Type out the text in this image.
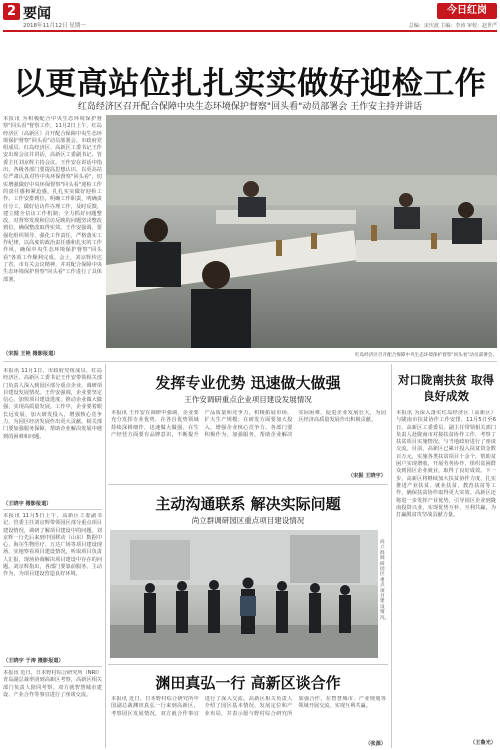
2 要闻
2018年11月12日 星期一
今日红岗
总编：宋庆波 主编：李涛 审校：赵世严
以更高站位扎扎实实做好迎检工作
红岛经济区召开配合保障中央生态环境保护督察"回头看"动员部署会 王作安主持并讲话
本报讯 为积极配合中央生态环境保护督察"回头看"督察工作，11月2日上午，红岛经济区（高新区）召开配合保障中央生态环境保护督察"回头看"动员部署会。市政府党组成员、红岛经济区、高新区工委书记王作安出席会议并讲话，高新区工委副书记、管委主任刘京辉主持会议。王作安在讲话中指出，各级各部门要提高思想认识，以更高站位严肃认真对待中央环保督察"回头看"，切实增强做好中央环保督察"回头看"迎检工作的责任感和紧迫感。扎扎实实做好迎检工作。工作安排到位，明确工作职责，明确责任分工，做好信访件办理工作，及时反馈，建立健全信访工作机制；全力抓好问题整改，对督察发现和信访反映的问题坚决整改到位，确保整改取得实效。王作安强调，要强化组织领导，强化工作责任，严格落实工作纪律，以高度的政治责任感和扎实的工作作风，确保中央生态环境保护督察"回头看"各项工作顺利完成。会上，刘京辉传达了省、市有关会议精神，并对配合保障中央生态环境保护督察"回头看"工作进行了具体部署。
（宋振 王艳 摄影报道）	红岛经济区召开配合保障中央生态环境保护督察"回头看"动员部署会。
本报讯 11月1日，市政府党组成员、红岛经济区、高新区工委书记王作安带领相关部门负责人深入到园区部分重点企业，调研项目建设发展情况。王作安强调，企业要坚定信心，加快项目建设进度，推动企业做大做强，实现高质量发展。工作中，企业要着眼长远发展，加大研发投入，增强核心竞争力，为园区经济发展作出更大贡献。相关部门要加强服务保障，帮助企业解决发展中遇到的困难和问题。
（王晓宇 摄影报道）
本报讯 11月5日上午，高新区工委副书记、管委主任刘京辉带领园区部分重点项目建设情况，调研了解项目建设中的问题。刘京辉一行先后来到中国移动（山东）数据中心、海尔生物医疗、万达广场等项目建设现场，实地察看项目建设情况，听取项目负责人汇报，现场协调解决项目建设中存在的问题。刘京辉指出，各部门要靠前服务、主动作为，为项目建设营造良好环境。
（王晓宇 于涛 摄影报道）
本报讯 近日，日本野村综合研究所（NRI）青岛副总裁率团到高新区考察，高新区相关部门负责人陪同考察。双方就智慧城市建设、产业合作等事宜进行了座谈交流。
发挥专业优势 迅速做大做强
王作安调研重点企业项目建设发展情况
本报讯 王作安在调研中强调，企业要充分发挥专业优势，在各自优势领域持续深耕细作，迅速做大做强。在生产经营方面要有品牌意识，不断提升产品质量和竞争力，积极拓展市场，扩大生产规模；在研发方面要加大投入，增强企业核心竞争力。各部门要积极作为，加强服务，帮助企业解决实际困难，促进企业发展壮大，为园区经济高质量发展作出积极贡献。
（宋振 王晓宇）
主动沟通联系 解决实际问题
尚立群调研园区重点项目建设情况
尚立群调研园区重点项目建设情况。
渊田真弘一行 高新区谈合作
本报讯 近日，日本野村综合研究所中国副总裁渊田真弘一行来到高新区，考察园区发展情况，双方就合作事宜进行了深入交流。高新区相关负责人介绍了园区基本情况、发展定位和产业布局，并表示愿与野村综合研究所加强合作，在智慧城市、产业规划等领域开展交流，实现互利共赢。
（张源）
对口陇南扶贫 取得良好成效
本报讯 为深入落实红岛经济区（高新区）与陇南市扶贫协作工作安排，11月5日至6日，高新区工委委员、副主任带领相关部门负责人赴陇南市对接扶贫协作工作，考察了扶贫项目实施情况，与当地政府进行了座谈交流。目前，高新区已累计投入扶贫资金数百万元，实施各类扶贫项目十余个，帮助贫困户实现增收，开展劳务协作，组织贫困群众到园区企业就业，取得了良好成效。下一步，高新区将继续加大扶贫协作力度，扎实推进产业扶贫、就业扶贫、教育扶贫等工作，确保扶贫协作取得更大实效。高新区还将进一步发挥产业优势，引导园区企业到陇南投资兴业，实现优势互补、互利共赢，为打赢脱贫攻坚战贡献力量。
（王鲁光）
